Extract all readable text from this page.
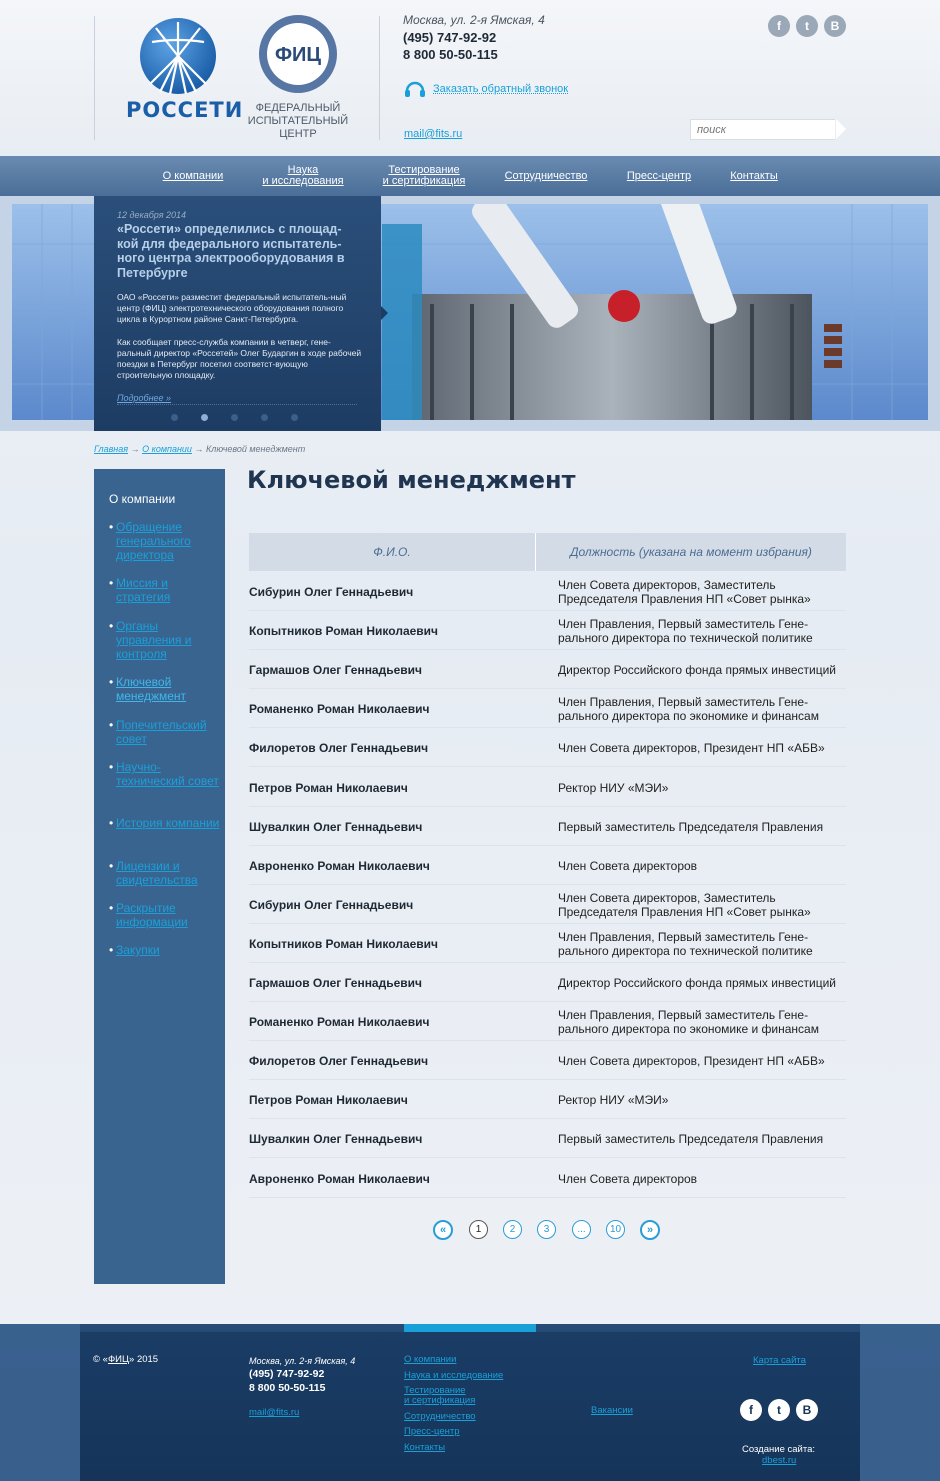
РОССЕТИ
ФИЦ
ФЕДЕРАЛЬНЫЙ ИСПЫТАТЕЛЬНЫЙ ЦЕНТР
Москва, ул. 2-я Ямская, 4
(495) 747-92-92
8 800 50-50-115
Заказать обратный звонок
mail@fits.ru
f	t	В
поиск
О компании	Наука
и исследования
Тестирование
и сертификация	Сотрудничество	Пресс-центр	Контакты
12 декабря 2014
«Россети» определились с площад-кой для федерального испытатель-ного центра электрооборудования в Петербурге
ОАО «Россети» разместит федеральный испытатель-ный центр (ФИЦ) электротехнического оборудования полного цикла в Курортном районе Санкт-Петербурга.
Как сообщает пресс-служба компании в четверг, гене-ральный директор «Россетей» Олег Бударгин в ходе рабочей поездки в Петербург посетил соответст-вующую строительную площадку.
Подробнее »
Главная → О компании → Ключевой менеджмент
О компании
• Обращение генерального директора
• Миссия и стратегия
• Органы управления и контроля
• Ключевой менеджмент
• Попечительский совет
• Научно-технический совет
• История компании
• Лицензии и свидетельства
• Раскрытие информации
• Закупки
Ключевой менеджмент
Ф.И.О.	Должность (указана на момент избрания)
Сибурин Олег Геннадьевич	Член Совета директоров, Заместитель Председателя Правления НП «Совет рынка»
Копытников Роман Николаевич	Член Правления, Первый заместитель Гене-рального директора по технической политике
Гармашов Олег Геннадьевич	Директор Российского фонда прямых инвестиций
Романенко Роман Николаевич	Член Правления, Первый заместитель Гене-рального директора по экономике и финансам
Филоретов Олег Геннадьевич	Член Совета директоров, Президент НП «АБВ»
Петров Роман Николаевич	Ректор НИУ «МЭИ»
Шувалкин Олег Геннадьевич	Первый заместитель Председателя Правления
Авроненко Роман Николаевич	Член Совета директоров
Сибурин Олег Геннадьевич	Член Совета директоров, Заместитель Председателя Правления НП «Совет рынка»
Копытников Роман Николаевич	Член Правления, Первый заместитель Гене-рального директора по технической политике
Гармашов Олег Геннадьевич	Директор Российского фонда прямых инвестиций
Романенко Роман Николаевич	Член Правления, Первый заместитель Гене-рального директора по экономике и финансам
Филоретов Олег Геннадьевич	Член Совета директоров, Президент НП «АБВ»
Петров Роман Николаевич	Ректор НИУ «МЭИ»
Шувалкин Олег Геннадьевич	Первый заместитель Председателя Правления
Авроненко Роман Николаевич	Член Совета директоров
«	1	2	3	...	10	»
© «ФИЦ» 2015	Москва, ул. 2-я Ямская, 4
(495) 747-92-92
8 800 50-50-115
mail@fits.ru
О компании
Наука и исследование
Тестирование
и сертификация
Сотрудничество
Пресс-центр
Контакты
Вакансии
Карта сайта
f	t	В
Создание сайта:
dbest.ru
